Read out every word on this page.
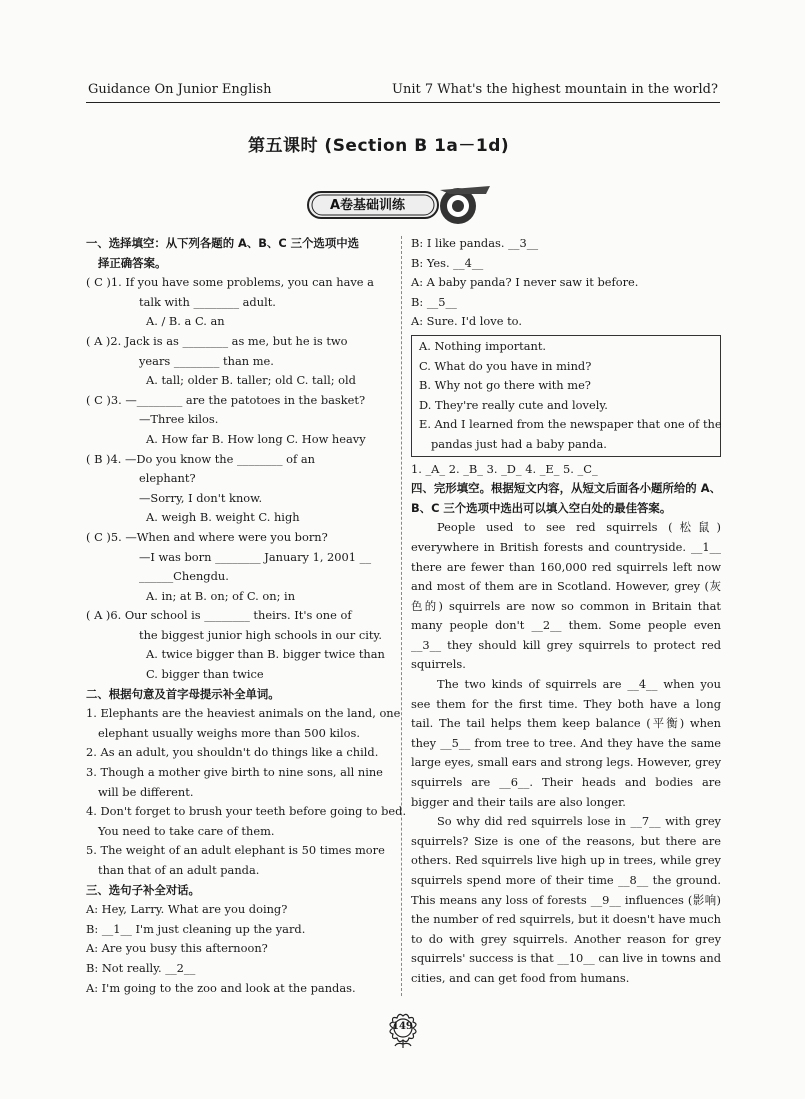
Guidance On Junior English	Unit 7 What's the highest mountain in the world?
第五课时 (Section B 1a－1d)
A卷基础训练
一、选择填空：从下列各题的 A、B、C 三个选项中选
择正确答案。
( C )1. If you have some problems, you can have a
talk with ________ adult.
A. / B. a C. an
( A )2. Jack is as ________ as me, but he is two
years ________ than me.
A. tall; older B. taller; old C. tall; old
( C )3. —________ are the patotoes in the basket?
—Three kilos.
A. How far B. How long C. How heavy
( B )4. —Do you know the ________ of an
elephant?
—Sorry, I don't know.
A. weigh B. weight C. high
( C )5. —When and where were you born?
—I was born ________ January 1, 2001 __
______Chengdu.
A. in; at B. on; of C. on; in
( A )6. Our school is ________ theirs. It's one of
the biggest junior high schools in our city.
A. twice bigger than B. bigger twice than
C. bigger than twice
二、根据句意及首字母提示补全单词。
1. Elephants are the heaviest animals on the land, one
elephant usually weighs more than 500 kilos.
2. As an adult, you shouldn't do things like a child.
3. Though a mother give birth to nine sons, all nine
will be different.
4. Don't forget to brush your teeth before going to bed.
You need to take care of them.
5. The weight of an adult elephant is 50 times more
than that of an adult panda.
三、选句子补全对话。
A: Hey, Larry. What are you doing?
B: __1__ I'm just cleaning up the yard.
A: Are you busy this afternoon?
B: Not really. __2__
A: I'm going to the zoo and look at the pandas.
B: I like pandas. __3__
B: Yes. __4__
A: A baby panda? I never saw it before.
B: __5__
A: Sure. I'd love to.
A. Nothing important.
C. What do you have in mind?
B. Why not go there with me?
D. They're really cute and lovely.
E. And I learned from the newspaper that one of the
pandas just had a baby panda.
1. _A_ 2. _B_ 3. _D_ 4. _E_ 5. _C_
四、完形填空。根据短文内容，从短文后面各小题所给的 A、B、C 三个选项中选出可以填入空白处的最佳答案。
People used to see red squirrels (松鼠) everywhere in British forests and countryside. __1__ there are fewer than 160,000 red squirrels left now and most of them are in Scotland. However, grey (灰色的) squirrels are now so common in Britain that many people don't __2__ them. Some people even __3__ they should kill grey squirrels to protect red squirrels.
The two kinds of squirrels are __4__ when you see them for the first time. They both have a long tail. The tail helps them keep balance (平衡) when they __5__ from tree to tree. And they have the same large eyes, small ears and strong legs. However, grey squirrels are __6__. Their heads and bodies are bigger and their tails are also longer.
So why did red squirrels lose in __7__ with grey squirrels? Size is one of the reasons, but there are others. Red squirrels live high up in trees, while grey squirrels spend more of their time __8__ the ground. This means any loss of forests __9__ influences (影响) the number of red squirrels, but it doesn't have much to do with grey squirrels. Another reason for grey squirrels' success is that __10__ can live in towns and cities, and can get food from humans.
149
